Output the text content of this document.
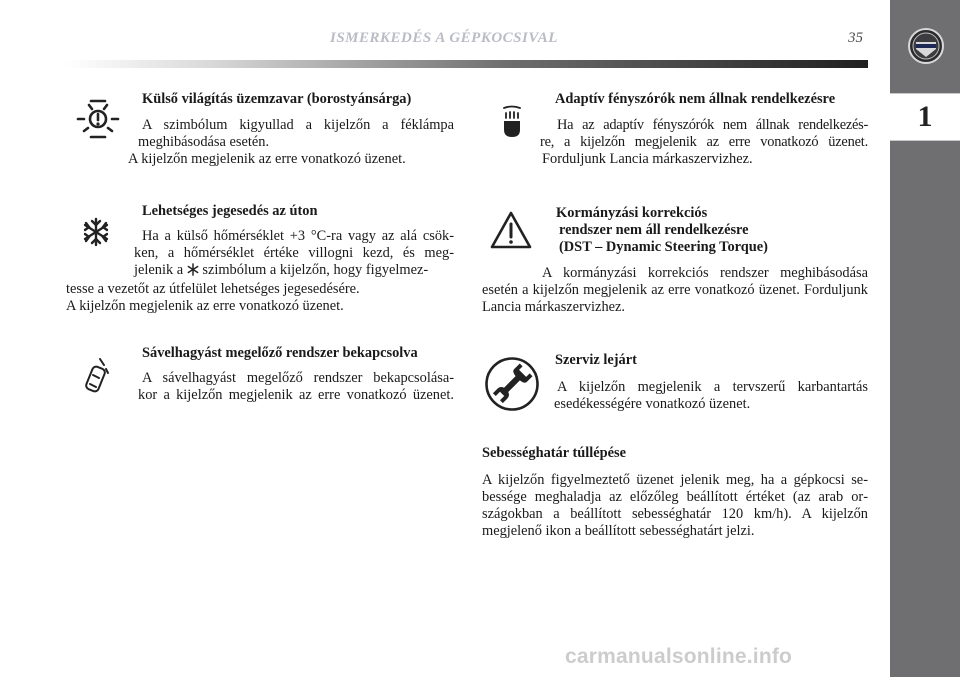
ISMERKEDÉS A GÉPKOCSIVAL	35
1
Külső világítás üzemzavar (borostyánsárga)
A szimbólum kigyullad a kijelzőn a féklámpa
meghibásodása esetén.
A kijelzőn megjelenik az erre vonatkozó üzenet.
Lehetséges jegesedés az úton
Ha a külső hőmérséklet +3 °C-ra vagy az alá csök-
ken, a hőmérséklet értéke villogni kezd, és meg-
jelenik a szimbólum a kijelzőn, hogy figyelmez-
tesse a vezetőt az útfelület lehetséges jegesedésére.
A kijelzőn megjelenik az erre vonatkozó üzenet.
Sávelhagyást megelőző rendszer bekapcsolva
A sávelhagyást megelőző rendszer bekapcsolása-
kor a kijelzőn megjelenik az erre vonatkozó üzenet.
Adaptív fényszórók nem állnak rendelkezésre
Ha az adaptív fényszórók nem állnak rendelkezés-
re, a kijelzőn megjelenik az erre vonatkozó üzenet.
Forduljunk Lancia márkaszervizhez.
Kormányzási korrekciós
rendszer nem áll rendelkezésre
(DST – Dynamic Steering Torque)
A kormányzási korrekciós rendszer meghibásodása esetén a kijelzőn megjelenik az erre vonatkozó üzenet. Forduljunk Lancia márkaszervizhez.
Szerviz lejárt
A kijelzőn megjelenik a tervszerű karbantartás
esedékességére vonatkozó üzenet.
Sebességhatár túllépése
A kijelzőn figyelmeztető üzenet jelenik meg, ha a gépkocsi sebessége meghaladja az előzőleg beállított értéket (az arab országokban a beállított sebességhatár 120 km/h). A kijelzőn megjelenő ikon a beállított sebességhatárt jelzi.
carmanualsonline.info
